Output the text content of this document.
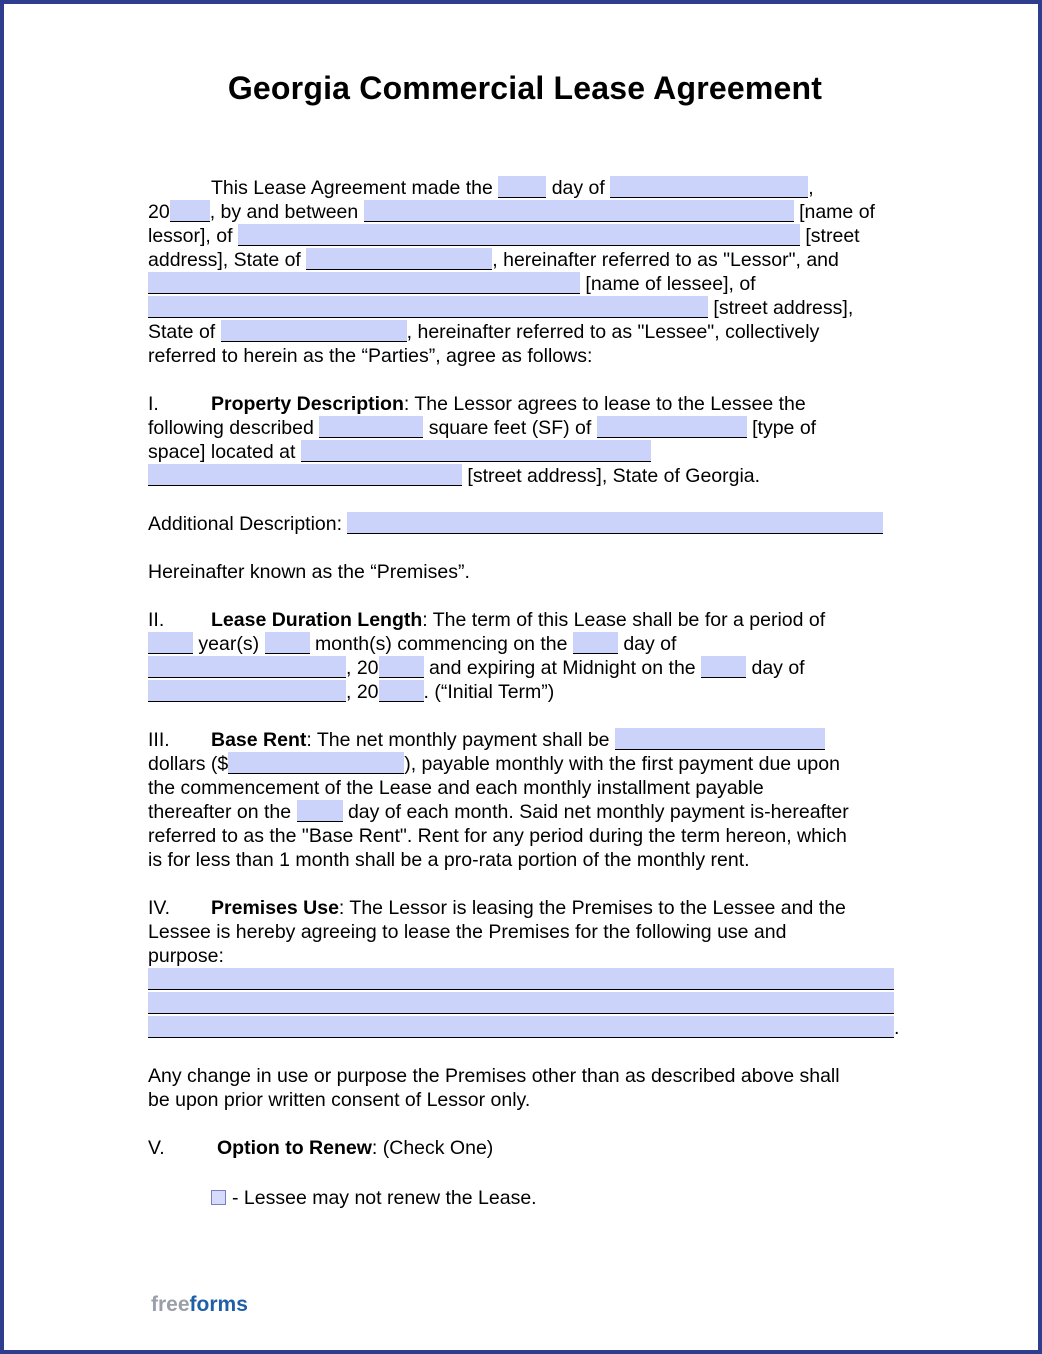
Georgia Commercial Lease Agreement
This Lease Agreement made the	day of	,
20 , by and between	[name of
lessor], of	[street
address], State of	, hereinafter referred to as "Lessor", and
[name of lessee], of
[street address],
State of	, hereinafter referred to as "Lessee", collectively
referred to herein as the “Parties”, agree as follows:
I.	Property Description: The Lessor agrees to lease to the Lessee the
following described	square feet (SF) of	[type of
space] located at
[street address], State of Georgia.
Additional Description:
Hereinafter known as the “Premises”.
II. Lease Duration Length: The term of this Lease shall be for a period of
year(s)	month(s) commencing on the	day of
, 20	and expiring at Midnight on the	day of
, 20 . (“Initial Term”)
III. Base Rent: The net monthly payment shall be
dollars ($	), payable monthly with the first payment due upon
the commencement of the Lease and each monthly installment payable
thereafter on the	day of each month. Said net monthly payment is-hereafter
referred to as the "Base Rent". Rent for any period during the term hereon, which
is for less than 1 month shall be a pro-rata portion of the monthly rent.
IV. Premises Use: The Lessor is leasing the Premises to the Lessee and the
Lessee is hereby agreeing to lease the Premises for the following use and
purpose:
.
Any change in use or purpose the Premises other than as described above shall
be upon prior written consent of Lessor only.
V.	Option to Renew: (Check One)
- Lessee may not renew the Lease.
freeforms
